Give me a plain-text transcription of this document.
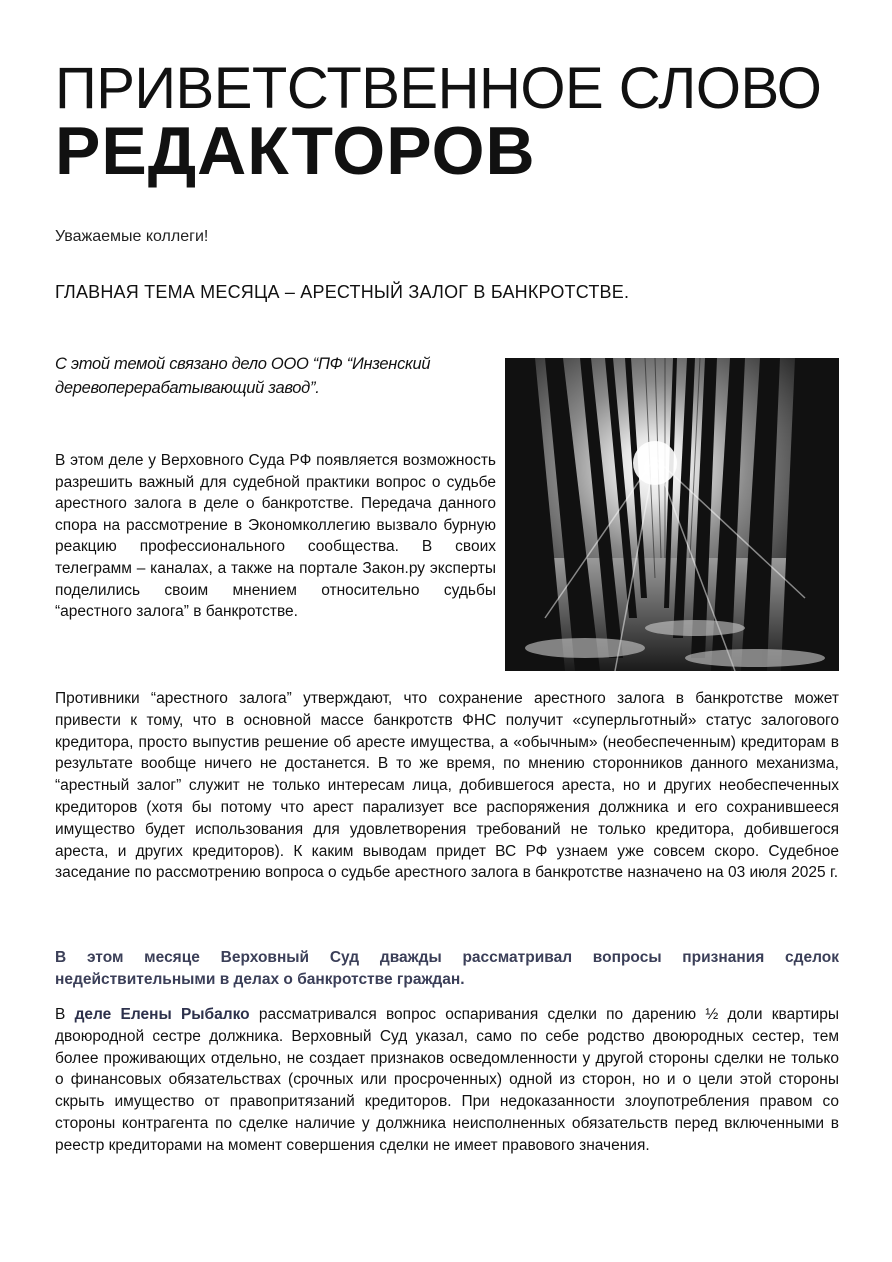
ПРИВЕТСТВЕННОЕ СЛОВО
РЕДАКТОРОВ
Уважаемые коллеги!
ГЛАВНАЯ ТЕМА МЕСЯЦА – АРЕСТНЫЙ ЗАЛОГ В БАНКРОТСТВЕ.
С этой темой связано дело ООО “ПФ “Инзенский деревоперерабатывающий завод”.

В этом деле у Верховного Суда РФ появляется возможность разрешить важный для судебной практики вопрос о судьбе арестного залога в деле о банкротстве. Передача данного спора на рассмотрение в Экономколлегию вызвало бурную реакцию профессионального сообщества. В своих телеграмм – каналах, а также на портале Закон.ру эксперты поделились своим мнением относительно судьбы “арестного залога” в банкротстве.

Противники “арестного залога” утверждают, что сохранение арестного залога в банкротстве может привести к тому, что в основной массе банкротств ФНС получит «суперльготный» статус залогового кредитора, просто выпустив решение об аресте имущества, а «обычным» (необеспеченным) кредиторам в результате вообще ничего не достанется. В то же время, по мнению сторонников данного механизма, “арестный залог” служит не только интересам лица, добившегося ареста, но и других необеспеченных кредиторов (хотя бы потому что арест парализует все распоряжения должника и его сохранившееся имущество будет использования для удовлетворения требований не только кредитора, добившегося ареста, и других кредиторов). К каким выводам придет ВС РФ узнаем уже совсем скоро. Судебное заседание по рассмотрению вопроса о судьбе арестного залога в банкротстве назначено на 03 июля 2025 г.

В этом месяце Верховный Суд дважды рассматривал вопросы признания сделок недействительными в делах о банкротстве граждан.

В деле Елены Рыбалко рассматривался вопрос оспаривания сделки по дарению ½ доли квартиры двоюродной сестре должника. Верховный Суд указал, само по себе родство двоюродных сестер, тем более проживающих отдельно, не создает признаков осведомленности у другой стороны сделки не только о финансовых обязательствах (срочных или просроченных) одной из сторон, но и о цели этой стороны скрыть имущество от правопритязаний кредиторов. При недоказанности злоупотребления правом со стороны контрагента по сделке наличие у должника неисполненных обязательств перед включенными в реестр кредиторами на момент совершения сделки не имеет правового значения.
